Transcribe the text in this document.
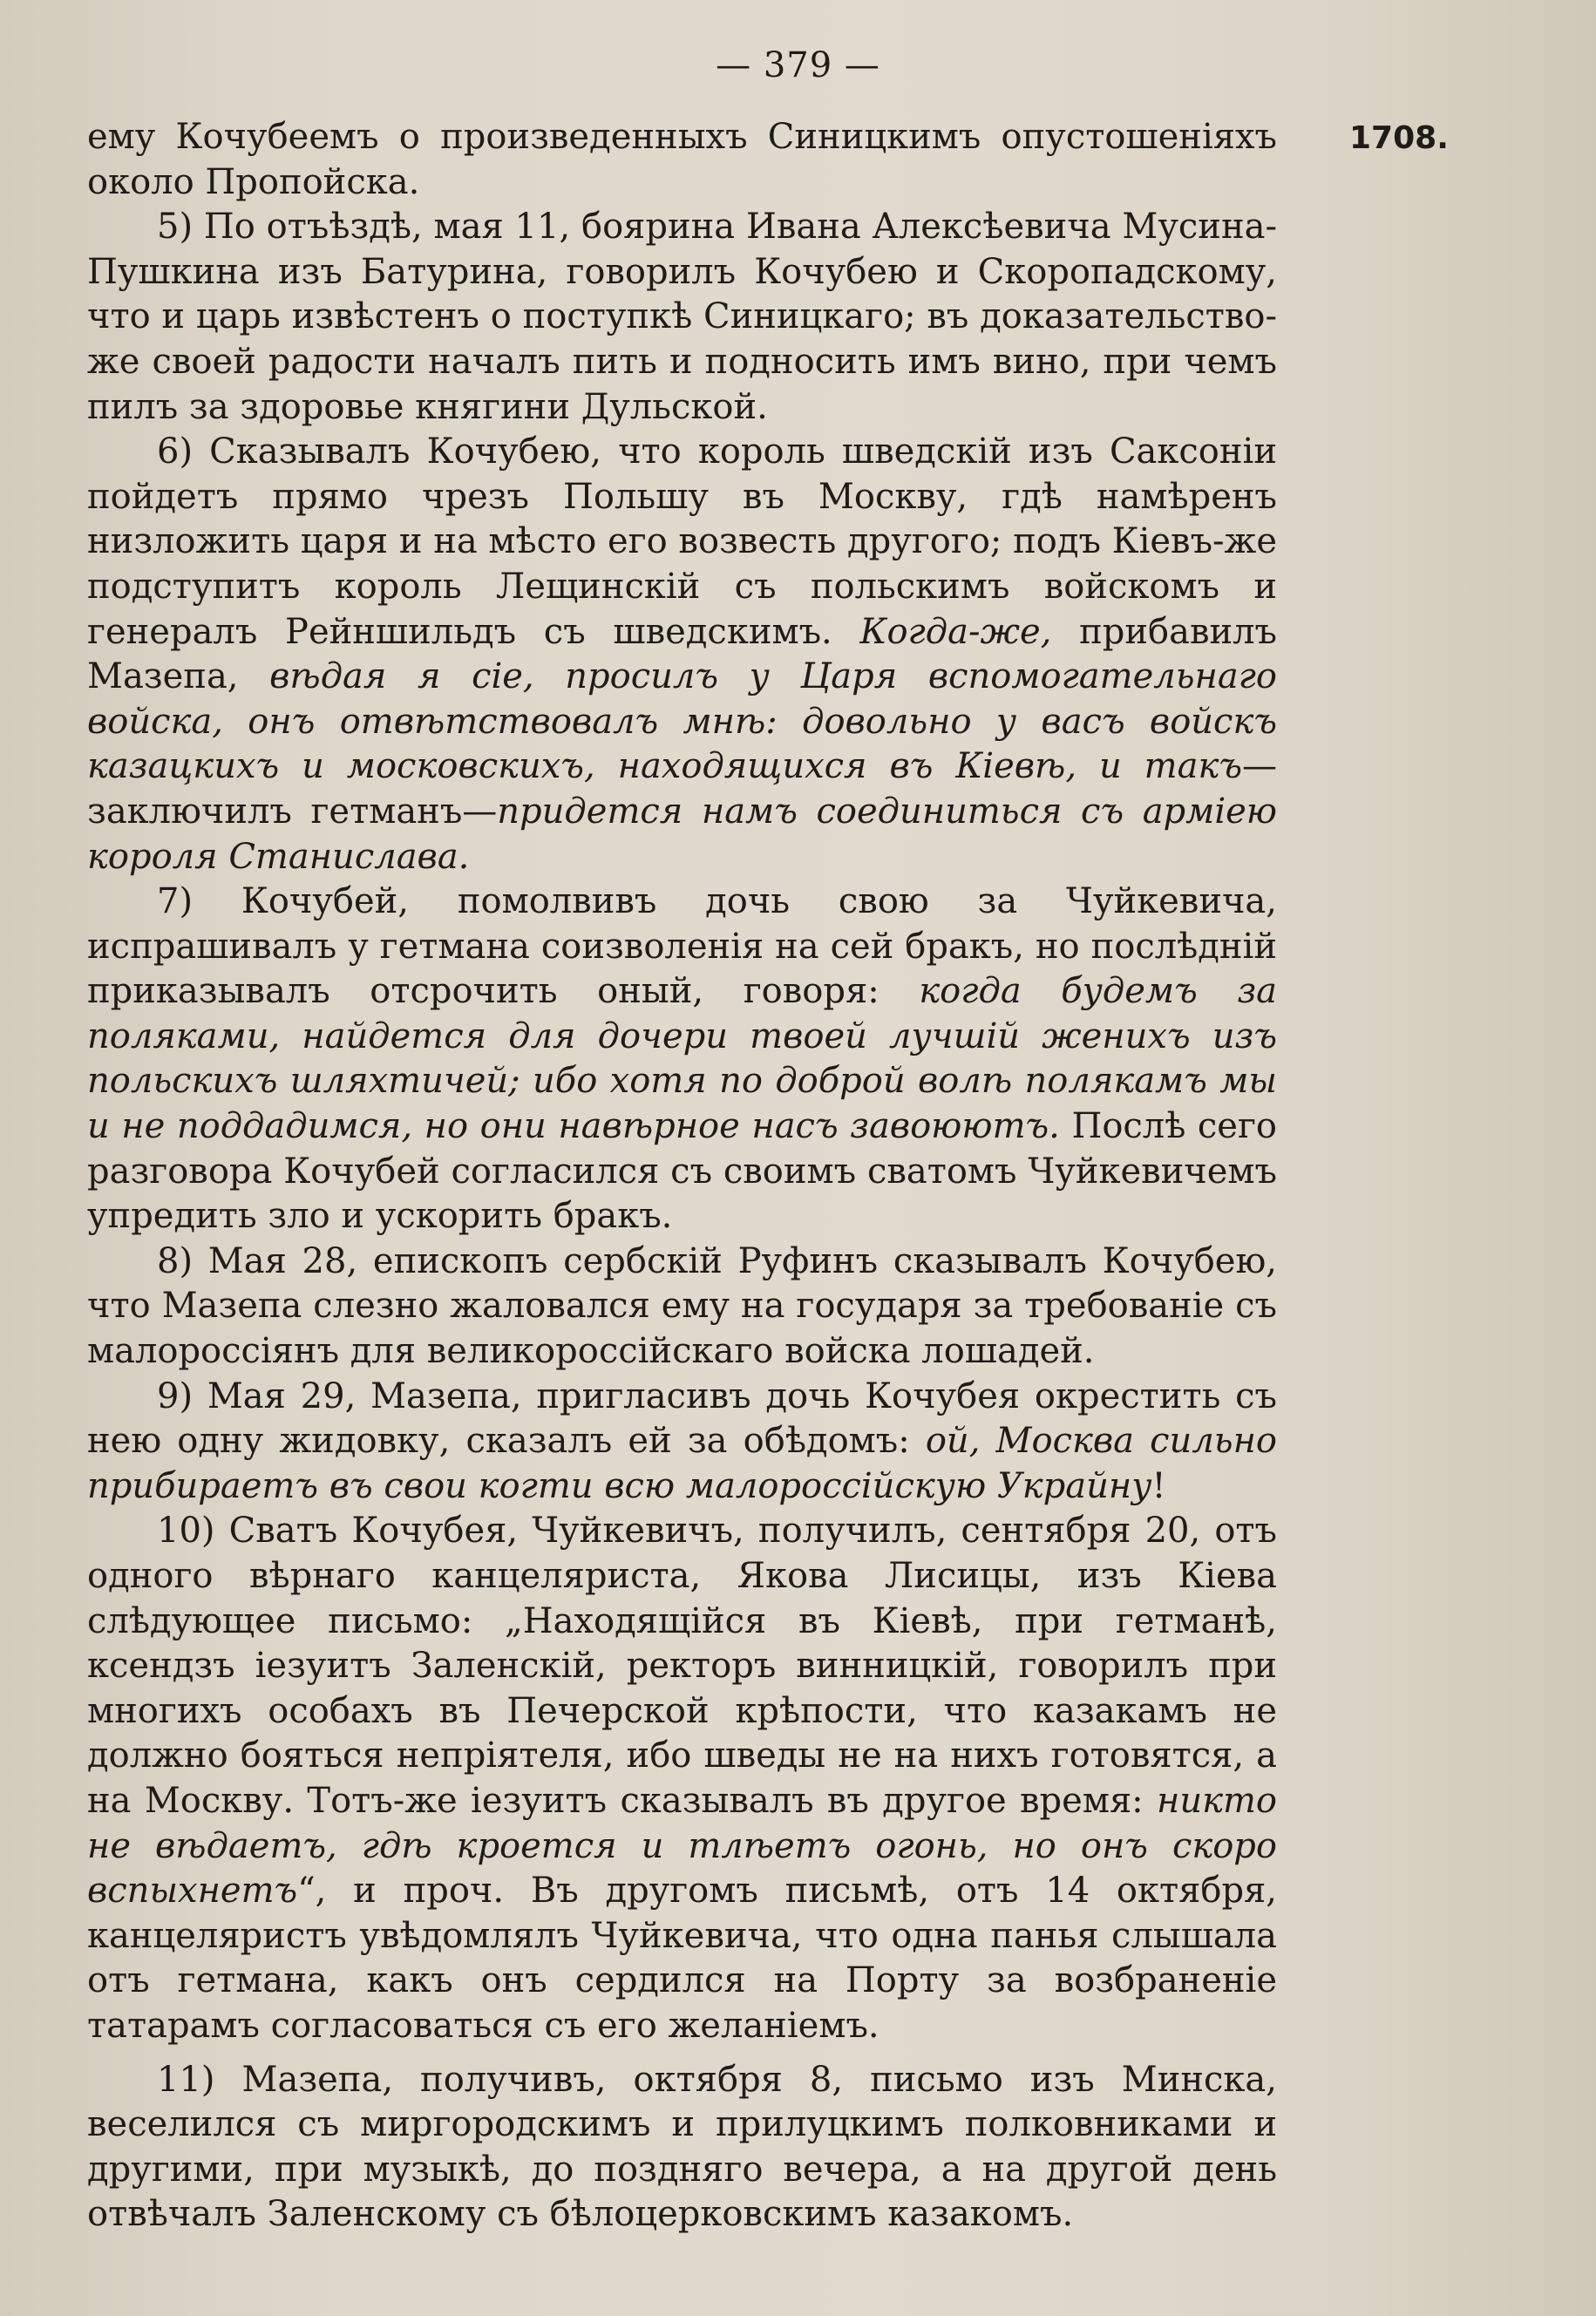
— 379 —
1708.

ему Кочубеемъ о произведенныхъ Синицкимъ опустошеніяхъ около Пропойска.

5) По отъѣздѣ, мая 11, боярина Ивана Алексѣевича Мусина-Пушкина изъ Батурина, говорилъ Кочубею и Скоропадскому, что и царь извѣстенъ о поступкѣ Синицкаго; въ доказательство-же своей радости началъ пить и подносить имъ вино, при чемъ пилъ за здоровье княгини Дульской.

6) Сказывалъ Кочубею, что король шведскій изъ Саксоніи пойдетъ прямо чрезъ Польшу въ Москву, гдѣ намѣренъ низложить царя и на мѣсто его возвесть другого; подъ Кіевъ-же подступитъ король Лещинскій съ польскимъ войскомъ и генералъ Рейншильдъ съ шведскимъ. Когда-же, прибавилъ Мазепа, вѣдая я сіе, просилъ у Царя вспомогательнаго войска, онъ отвѣтствовалъ мнѣ: довольно у васъ войскъ казацкихъ и московскихъ, находящихся въ Кіевѣ, и такъ—заключилъ гетманъ—придется намъ соединиться съ арміею короля Станислава.

7) Кочубей, помолвивъ дочь свою за Чуйкевича, испрашивалъ у гетмана соизволенія на сей бракъ, но послѣдній приказывалъ отсрочить оный, говоря: когда будемъ за поляками, найдется для дочери твоей лучшій женихъ изъ польскихъ шляхтичей; ибо хотя по доброй волѣ полякамъ мы и не поддадимся, но они навѣрное насъ завоюютъ. Послѣ сего разговора Кочубей согласился съ своимъ сватомъ Чуйкевичемъ упредить зло и ускорить бракъ.

8) Мая 28, епископъ сербскій Руфинъ сказывалъ Кочубею, что Мазепа слезно жаловался ему на государя за требованіе съ малороссіянъ для великороссійскаго войска лошадей.

9) Мая 29, Мазепа, пригласивъ дочь Кочубея окрестить съ нею одну жидовку, сказалъ ей за обѣдомъ: ой, Москва сильно прибираетъ въ свои когти всю малороссійскую Украйну!

10) Сватъ Кочубея, Чуйкевичъ, получилъ, сентября 20, отъ одного вѣрнаго канцеляриста, Якова Лисицы, изъ Кіева слѣдующее письмо: „Находящійся въ Кіевѣ, при гетманѣ, ксендзъ іезуитъ Заленскій, ректоръ винницкій, говорилъ при многихъ особахъ въ Печерской крѣпости, что казакамъ не должно бояться непріятеля, ибо шведы не на нихъ готовятся, а на Москву. Тотъ-же іезуитъ сказывалъ въ другое время: никто не вѣдаетъ, гдѣ кроется и тлѣетъ огонь, но онъ скоро вспыхнетъ“, и проч. Въ другомъ письмѣ, отъ 14 октября, канцеляристъ увѣдомлялъ Чуйкевича, что одна панья слышала отъ гетмана, какъ онъ сердился на Порту за возбраненіе татарамъ согласоваться съ его желаніемъ.

11) Мазепа, получивъ, октября 8, письмо изъ Минска, веселился съ миргородскимъ и прилуцкимъ полковниками и другими, при музыкѣ, до поздняго вечера, а на другой день отвѣчалъ Заленскому съ бѣлоцерковскимъ казакомъ.
